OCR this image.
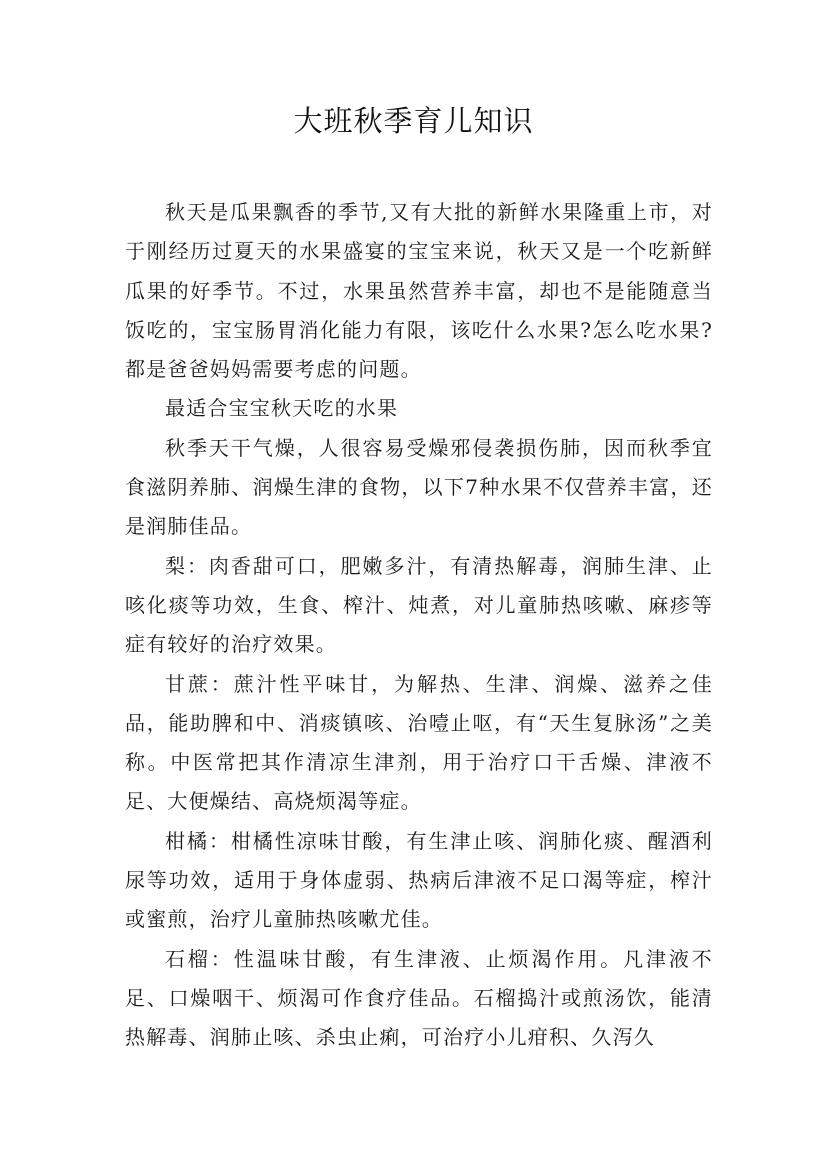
大班秋季育儿知识

秋天是瓜果飘香的季节,又有大批的新鲜水果隆重上市，对于刚经历过夏天的水果盛宴的宝宝来说，秋天又是一个吃新鲜瓜果的好季节。不过，水果虽然营养丰富，却也不是能随意当饭吃的，宝宝肠胃消化能力有限，该吃什么水果?怎么吃水果?都是爸爸妈妈需要考虑的问题。

最适合宝宝秋天吃的水果

秋季天干气燥，人很容易受燥邪侵袭损伤肺，因而秋季宜食滋阴养肺、润燥生津的食物，以下7种水果不仅营养丰富，还是润肺佳品。

梨：肉香甜可口，肥嫩多汁，有清热解毒，润肺生津、止咳化痰等功效，生食、榨汁、炖煮，对儿童肺热咳嗽、麻疹等症有较好的治疗效果。

甘蔗：蔗汁性平味甘，为解热、生津、润燥、滋养之佳品，能助脾和中、消痰镇咳、治噎止呕，有“天生复脉汤”之美称。中医常把其作清凉生津剂，用于治疗口干舌燥、津液不足、大便燥结、高烧烦渴等症。

柑橘：柑橘性凉味甘酸，有生津止咳、润肺化痰、醒酒利尿等功效，适用于身体虚弱、热病后津液不足口渴等症，榨汁或蜜煎，治疗儿童肺热咳嗽尤佳。

石榴：性温味甘酸，有生津液、止烦渴作用。凡津液不足、口燥咽干、烦渴可作食疗佳品。石榴捣汁或煎汤饮，能清热解毒、润肺止咳、杀虫止痢，可治疗小儿疳积、久泻久
